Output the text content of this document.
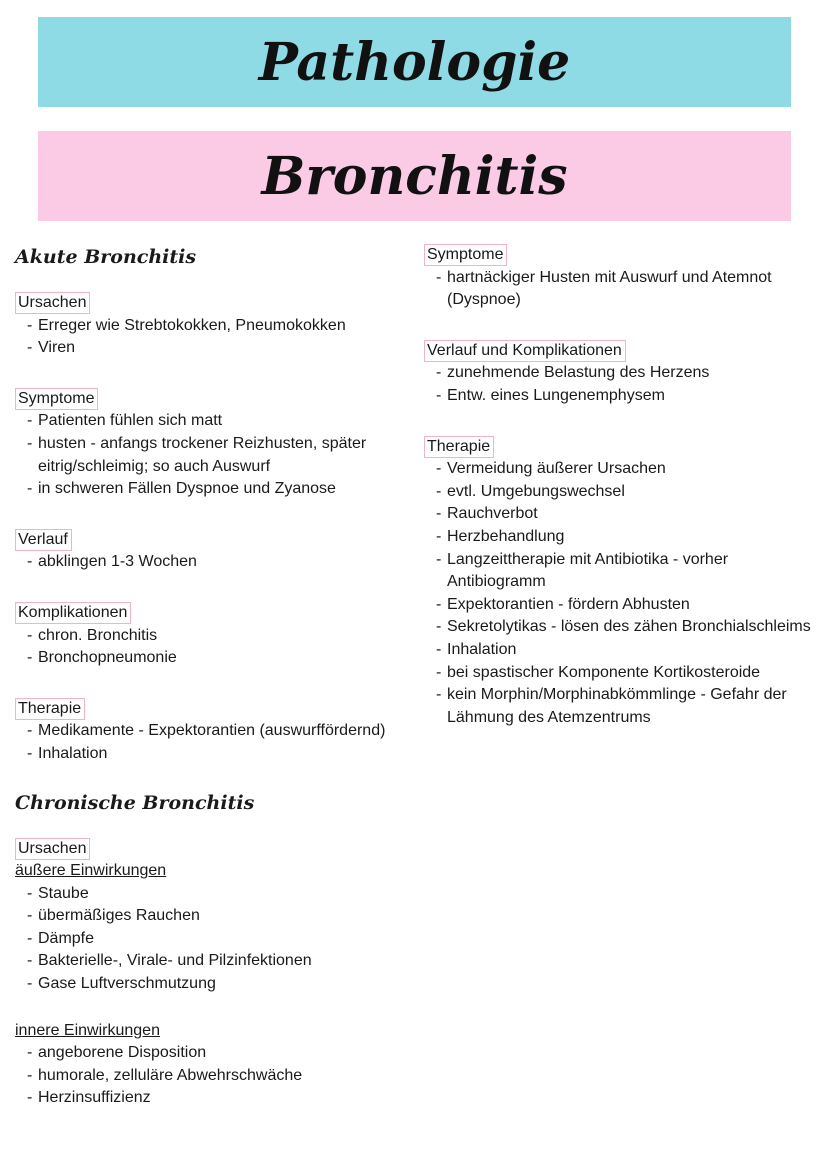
Pathologie
Bronchitis
Akute Bronchitis
Ursachen
- Erreger wie Strebtokokken, Pneumokokken
- Viren
Symptome
- Patienten fühlen sich matt
- husten - anfangs trockener Reizhusten, später eitrig/schleimig; so auch Auswurf
- in schweren Fällen Dyspnoe und Zyanose
Verlauf
- abklingen 1-3 Wochen
Komplikationen
- chron. Bronchitis
- Bronchopneumonie
Therapie
- Medikamente - Expektorantien (auswurffördernd)
- Inhalation
Chronische Bronchitis
Ursachen
äußere Einwirkungen
- Staube
- übermäßiges Rauchen
- Dämpfe
- Bakterielle-, Virale- und Pilzinfektionen
- Gase Luftverschmutzung
innere Einwirkungen
- angeborene Disposition
- humorale, zelluläre Abwehrschwäche
- Herzinsuffizienz
Symptome
- hartnäckiger Husten mit Auswurf und Atemnot (Dyspnoe)
Verlauf und Komplikationen
- zunehmende Belastung des Herzens
- Entw. eines Lungenemphysem
Therapie
- Vermeidung äußerer Ursachen
- evtl. Umgebungswechsel
- Rauchverbot
- Herzbehandlung
- Langzeittherapie mit Antibiotika - vorher Antibiogramm
- Expektorantien - fördern Abhusten
- Sekretolytikas - lösen des zähen Bronchialschleims
- Inhalation
- bei spastischer Komponente Kortikosteroide
- kein Morphin/Morphinabkömmlinge - Gefahr der Lähmung des Atemzentrums
